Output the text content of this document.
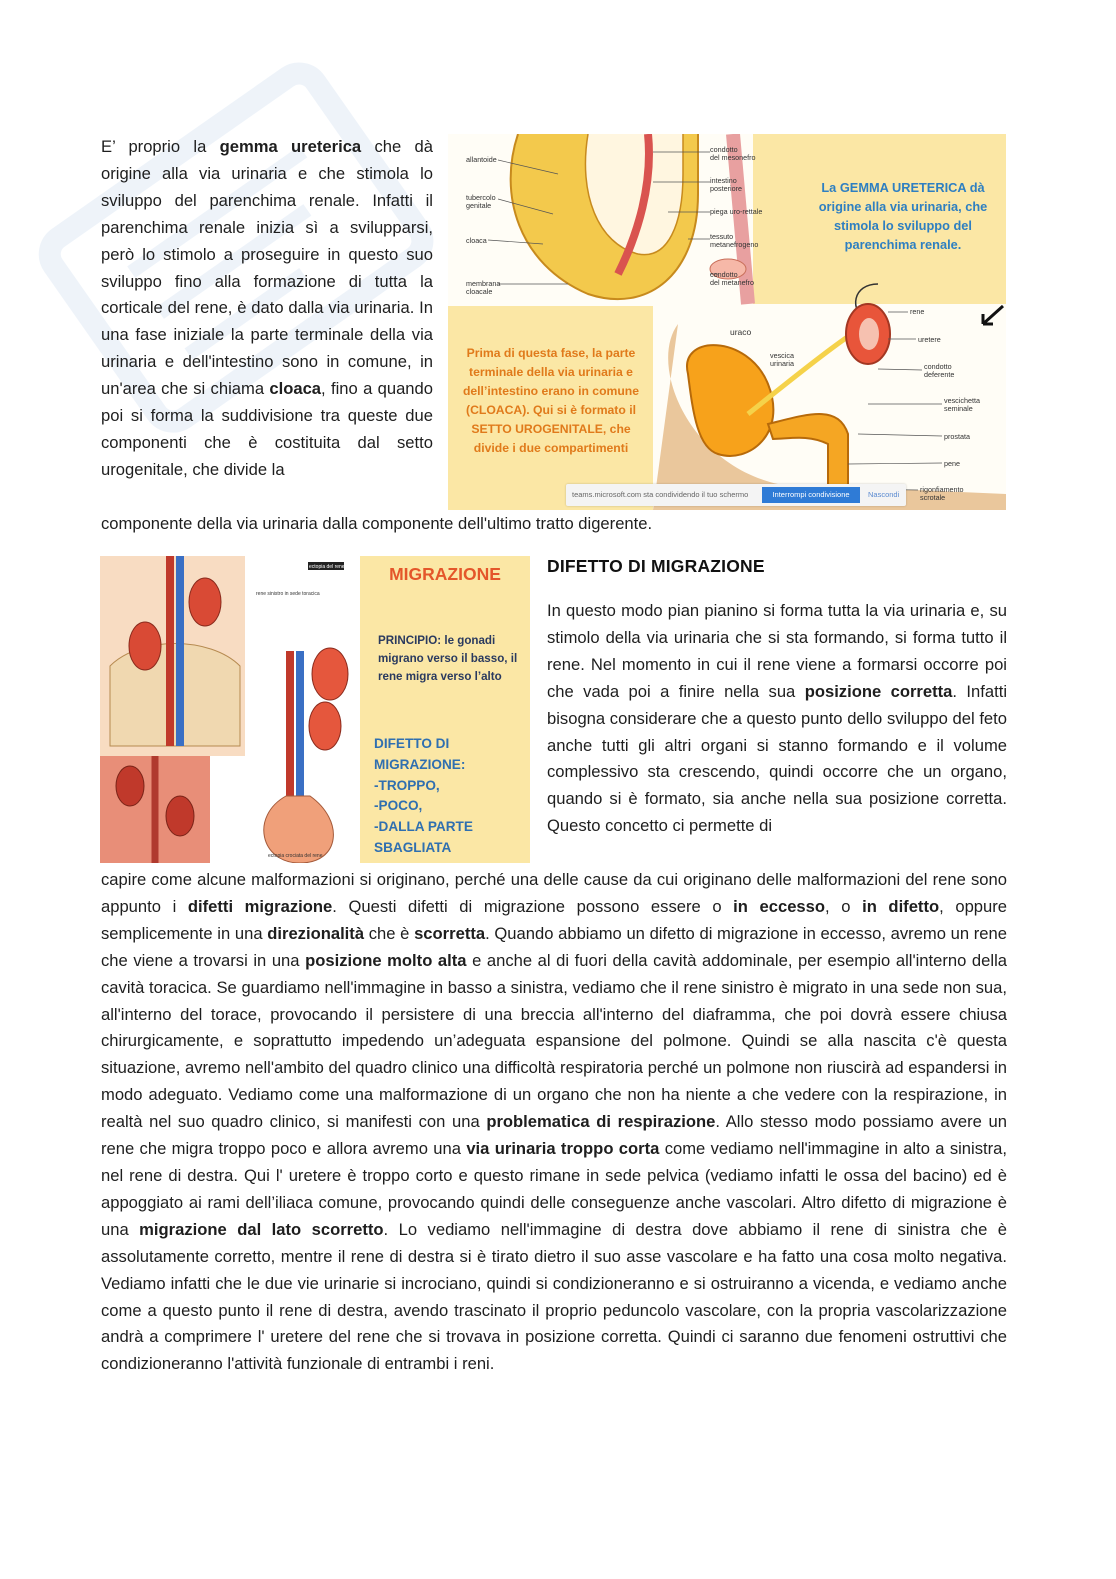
E’ proprio la gemma ureterica che dà origine alla via urinaria e che stimola lo sviluppo del parenchima renale. Infatti il parenchima renale inizia sì a svilupparsi, però lo stimolo a proseguire in questo suo sviluppo fino alla formazione di tutta la corticale del rene, è dato dalla via urinaria. In una fase iniziale la parte terminale della via urinaria e dell'intestino sono in comune, in un'area che si chiama cloaca, fino a quando poi si forma la suddivisione tra queste due componenti che è costituita dal setto urogenitale, che divide la
componente della via urinaria dalla componente dell'ultimo tratto digerente.
allantoide
tubercolo
genitale
cloaca
membrana
cloacale
condotto
del mesonefro
intestino
posteriore
piega uro-rettale
tessuto
metanefrogeno
condotto
del metanefro
La GEMMA URETERICA dà origine alla via urinaria, che stimola lo sviluppo del parenchima renale.
Prima di questa fase, la parte terminale della via urinaria e dell’intestino erano in comune (CLOACA). Qui si è formato il SETTO UROGENITALE, che divide i due compartimenti
uraco
vescica
urinaria
rene
uretere
condotto
deferente
vescichetta
seminale
prostata
pene
rigonfiamento
scrotale
teams.microsoft.com sta condividendo il tuo schermo	Interrompi condivisione	Nascondi
ectopia del rene
rene sinistro in sede toracica
ectopia crociata del rene
MIGRAZIONE
PRINCIPIO: le gonadi migrano verso il basso, il rene migra verso l’alto
DIFETTO DI
MIGRAZIONE:
-TROPPO,
-POCO,
-DALLA PARTE
SBAGLIATA
DIFETTO DI MIGRAZIONE
In questo modo pian pianino si forma tutta la via urinaria e, su stimolo della via urinaria che si sta formando, si forma tutto il rene. Nel momento in cui il rene viene a formarsi occorre poi che vada poi a finire nella sua posizione corretta. Infatti bisogna considerare che a questo punto dello sviluppo del feto anche tutti gli altri organi si stanno formando e il volume complessivo sta crescendo, quindi occorre che un organo, quando si è formato, sia anche nella sua posizione corretta. Questo concetto ci permette di
capire come alcune malformazioni si originano, perché una delle cause da cui originano delle malformazioni del rene sono appunto i difetti migrazione. Questi difetti di migrazione possono essere o in eccesso, o in difetto, oppure semplicemente in una direzionalità che è scorretta. Quando abbiamo un difetto di migrazione in eccesso, avremo un rene che viene a trovarsi in una posizione molto alta e anche al di fuori della cavità addominale, per esempio all'interno della cavità toracica. Se guardiamo nell'immagine in basso a sinistra, vediamo che il rene sinistro è migrato in una sede non sua, all'interno del torace, provocando il persistere di una breccia all'interno del diaframma, che poi dovrà essere chiusa chirurgicamente, e soprattutto impedendo un’adeguata espansione del polmone. Quindi se alla nascita c'è questa situazione, avremo nell'ambito del quadro clinico una difficoltà respiratoria perché un polmone non riuscirà ad espandersi in modo adeguato. Vediamo come una malformazione di un organo che non ha niente a che vedere con la respirazione, in realtà nel suo quadro clinico, si manifesti con una problematica di respirazione. Allo stesso modo possiamo avere un rene che migra troppo poco e allora avremo una via urinaria troppo corta come vediamo nell'immagine in alto a sinistra, nel rene di destra. Qui l' uretere è troppo corto e questo rimane in sede pelvica (vediamo infatti le ossa del bacino) ed è appoggiato ai rami dell’iliaca comune, provocando quindi delle conseguenze anche vascolari. Altro difetto di migrazione è una migrazione dal lato scorretto. Lo vediamo nell'immagine di destra dove abbiamo il rene di sinistra che è assolutamente corretto, mentre il rene di destra si è tirato dietro il suo asse vascolare e ha fatto una cosa molto negativa. Vediamo infatti che le due vie urinarie si incrociano, quindi si condizioneranno e si ostruiranno a vicenda, e vediamo anche come a questo punto il rene di destra, avendo trascinato il proprio peduncolo vascolare, con la propria vascolarizzazione andrà a comprimere l' uretere del rene che si trovava in posizione corretta. Quindi ci saranno due fenomeni ostruttivi che condizioneranno l'attività funzionale di entrambi i reni.
